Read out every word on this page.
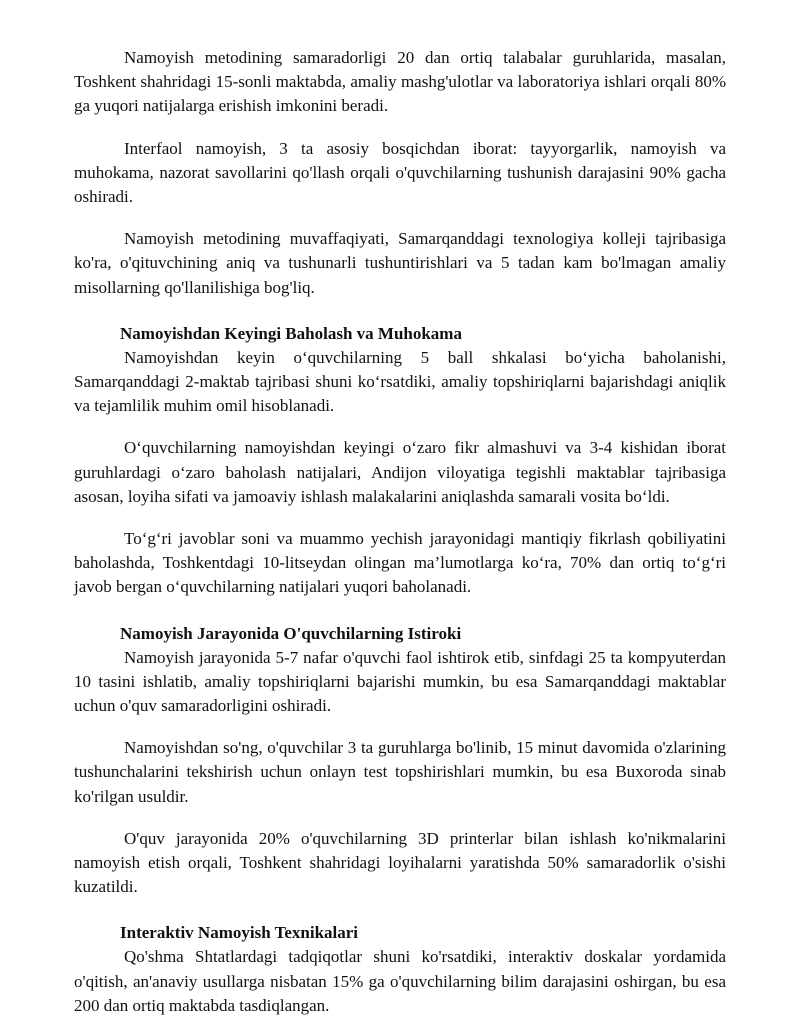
Namoyish metodining samaradorligi 20 dan ortiq talabalar guruhlarida, masalan, Toshkent shahridagi 15-sonli maktabda, amaliy mashg'ulotlar va laboratoriya ishlari orqali 80% ga yuqori natijalarga erishish imkonini beradi.

Interfaol namoyish, 3 ta asosiy bosqichdan iborat: tayyorgarlik, namoyish va muhokama, nazorat savollarini qo'llash orqali o'quvchilarning tushunish darajasini 90% gacha oshiradi.

Namoyish metodining muvaffaqiyati, Samarqanddagi texnologiya kolleji tajribasiga ko'ra, o'qituvchining aniq va tushunarli tushuntirishlari va 5 tadan kam bo'lmagan amaliy misollarning qo'llanilishiga bog'liq.

Namoyishdan Keyingi Baholash va Muhokama

Namoyishdan keyin o‘quvchilarning 5 ball shkalasi bo‘yicha baholanishi, Samarqanddagi 2-maktab tajribasi shuni ko‘rsatdiki, amaliy topshiriqlarni bajarishdagi aniqlik va tejamlilik muhim omil hisoblanadi.

O‘quvchilarning namoyishdan keyingi o‘zaro fikr almashuvi va 3-4 kishidan iborat guruhlardagi o‘zaro baholash natijalari, Andijon viloyatiga tegishli maktablar tajribasiga asosan, loyiha sifati va jamoaviy ishlash malakalarini aniqlashda samarali vosita bo‘ldi.

To‘g‘ri javoblar soni va muammo yechish jarayonidagi mantiqiy fikrlash qobiliyatini baholashda, Toshkentdagi 10-litseydan olingan ma’lumotlarga ko‘ra, 70% dan ortiq to‘g‘ri javob bergan o‘quvchilarning natijalari yuqori baholanadi.

Namoyish Jarayonida O'quvchilarning Istiroki

Namoyish jarayonida 5-7 nafar o'quvchi faol ishtirok etib, sinfdagi 25 ta kompyuterdan 10 tasini ishlatib, amaliy topshiriqlarni bajarishi mumkin, bu esa Samarqanddagi maktablar uchun o'quv samaradorligini oshiradi.

Namoyishdan so'ng, o'quvchilar 3 ta guruhlarga bo'linib, 15 minut davomida o'zlarining tushunchalarini tekshirish uchun onlayn test topshirishlari mumkin, bu esa Buxoroda sinab ko'rilgan usuldir.

O'quv jarayonida 20% o'quvchilarning 3D printerlar bilan ishlash ko'nikmalarini namoyish etish orqali, Toshkent shahridagi loyihalarni yaratishda 50% samaradorlik o'sishi kuzatildi.

Interaktiv Namoyish Texnikalari

Qo'shma Shtatlardagi tadqiqotlar shuni ko'rsatdiki, interaktiv doskalar yordamida o'qitish, an'anaviy usullarga nisbatan 15% ga o'quvchilarning bilim darajasini oshirgan, bu esa 200 dan ortiq maktabda tasdiqlangan.
